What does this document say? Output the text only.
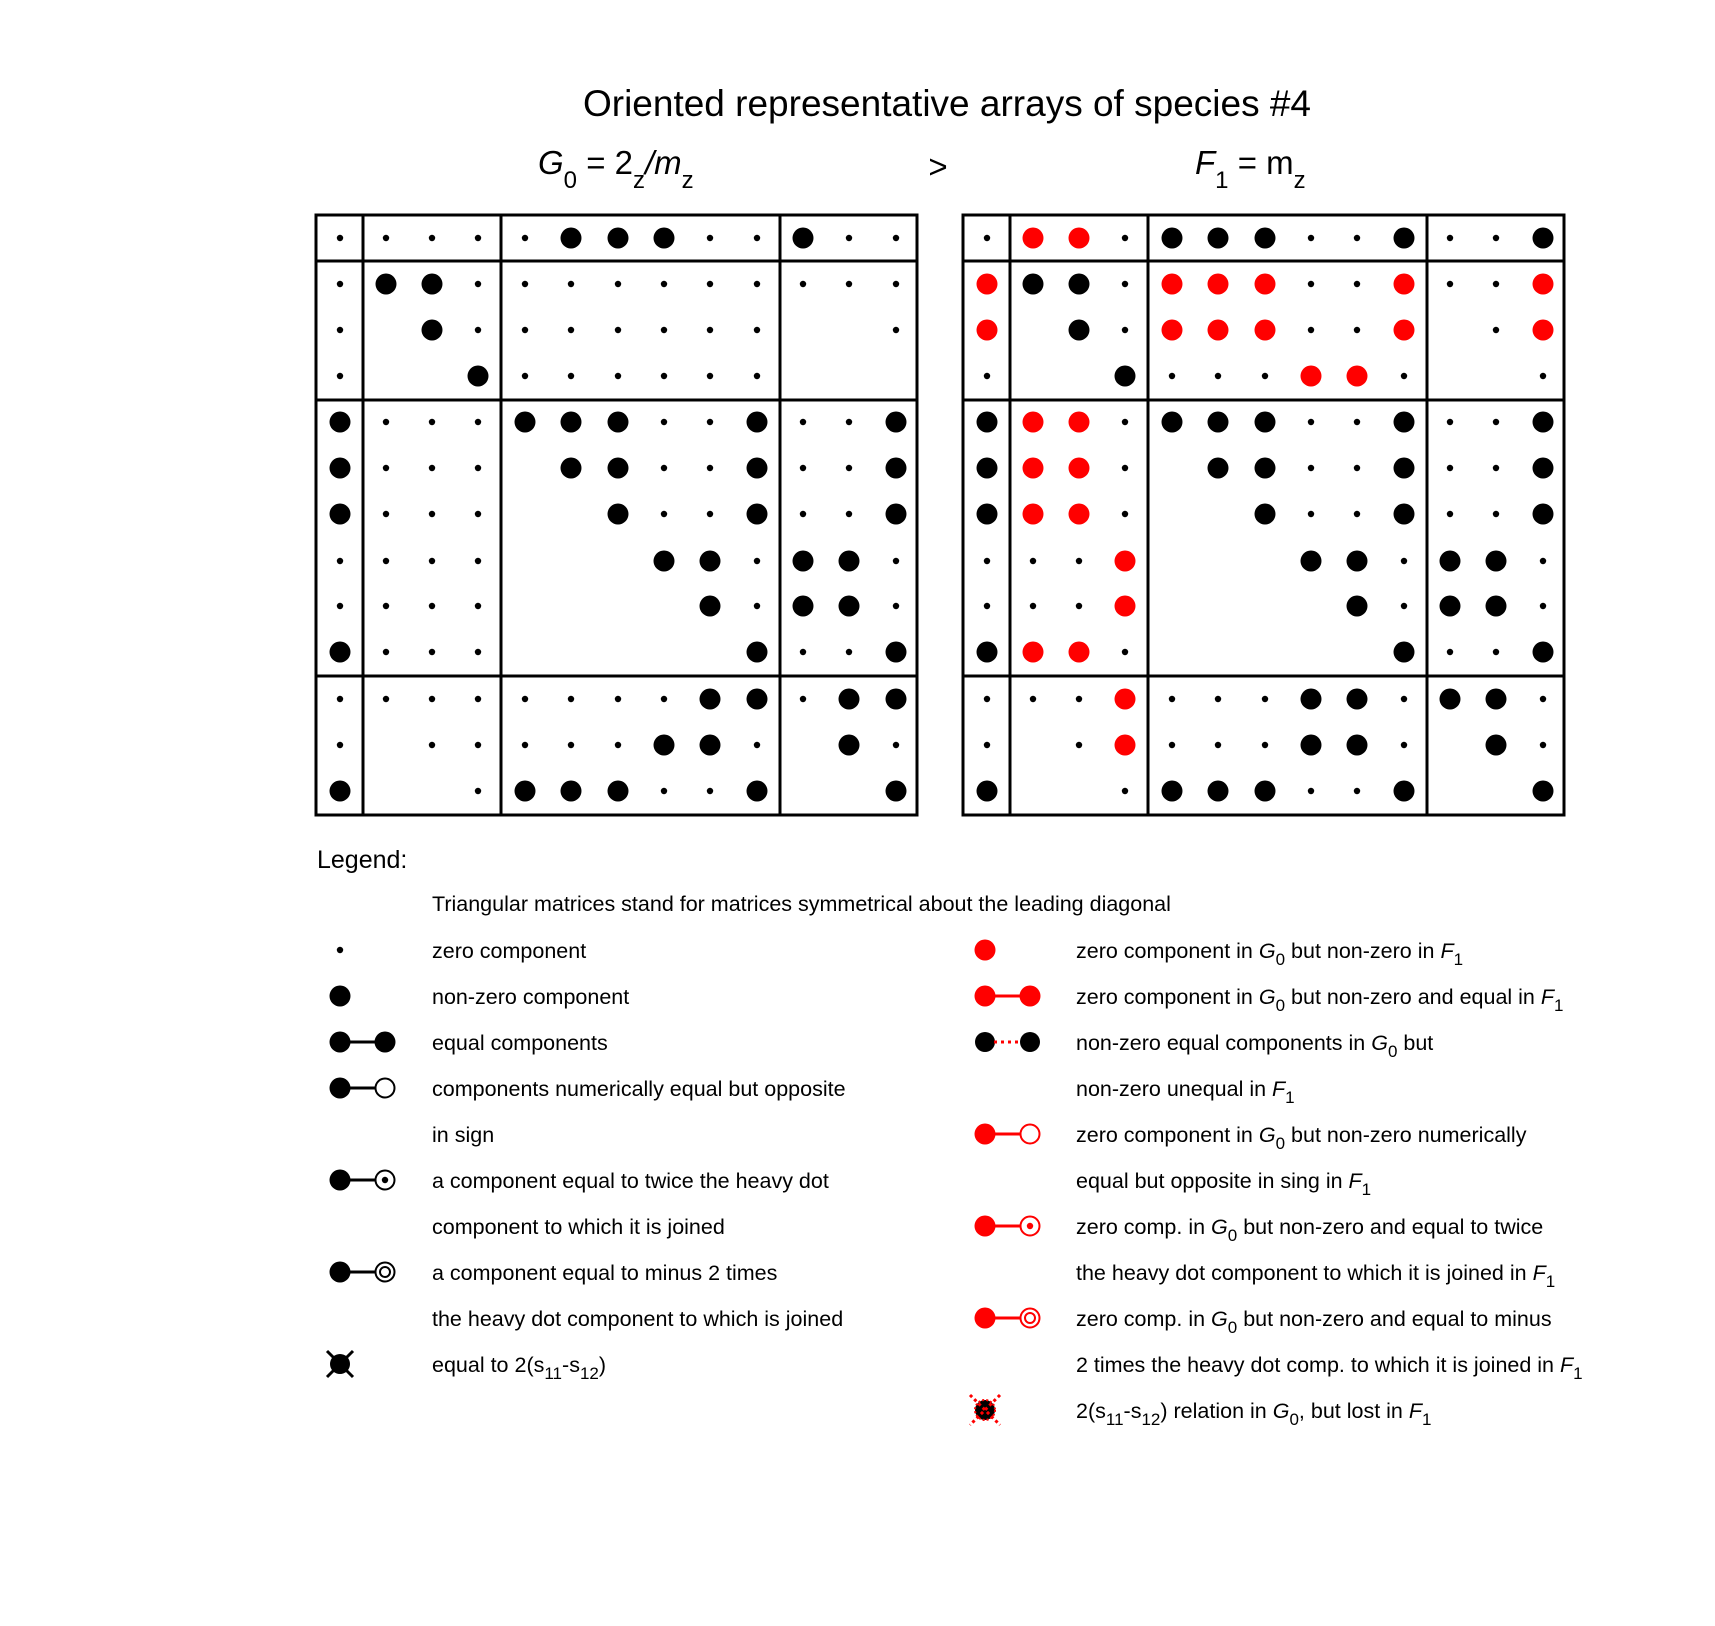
Oriented representative arrays of species #4
$G_0 = 2_z/m_z$	>	$F_1 = m_z$
Legend:
Triangular matrices stand for matrices symmetrical about the leading diagonal
zero component
non-zero component
equal components
components numerically equal but opposite
in sign
a component equal to twice the heavy dot
component to which it is joined
a component equal to minus 2 times
the heavy dot component to which is joined
equal to $2(s_{11}-s_{12})$
zero component in $G_0$ but non-zero in $F_1$
zero component in $G_0$ but non-zero and equal in $F_1$
non-zero equal components in $G_0$ but
non-zero unequal in $F_1$
zero component in $G_0$ but non-zero numerically
equal but opposite in sing in $F_1$
zero comp. in $G_0$ but non-zero and equal to twice
the heavy dot component to which it is joined in $F_1$
zero comp. in $G_0$ but non-zero and equal to minus
2 times the heavy dot comp. to which it is joined in $F_1$
$2(s_{11}-s_{12})$ relation in $G_0$, but lost in $F_1$
